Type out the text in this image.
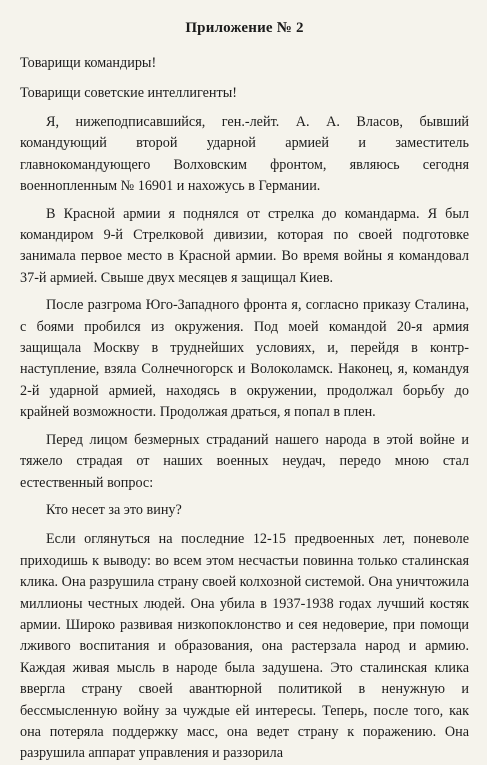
Приложение № 2
Товарищи командиры!
Товарищи советские интеллигенты!

Я, нижеподписавшийся, ген.-лейт. А. А. Власов, бывший командующий второй ударной армией и заместитель главнокомандующего Волховским фронтом, являюсь сегодня военнопленным № 16901 и нахожусь в Германии.

В Красной армии я поднялся от стрелка до командарма. Я был командиром 9-й Стрелковой дивизии, которая по своей подготовке занимала первое место в Красной армии. Во время войны я командовал 37-й армией. Свыше двух месяцев я защищал Киев.

После разгрома Юго-Западного фронта я, согласно приказу Сталина, с боями пробился из окружения. Под моей командой 20-я армия защищала Москву в труднейших условиях, и, перейдя в контр-наступление, взяла Солнечногорск и Волоколамск. Наконец, я, командуя 2-й ударной армией, находясь в окружении, продолжал борьбу до крайней возможности. Продолжая драться, я попал в плен.

Перед лицом безмерных страданий нашего народа в этой войне и тяжело страдая от наших военных неудач, передо мною стал естественный вопрос:

Кто несет за это вину?

Если оглянуться на последние 12-15 предвоенных лет, поневоле приходишь к выводу: во всем этом несчастьи повинна только сталинская клика. Она разрушила страну своей колхозной системой. Она уничтожила миллионы честных людей. Она убила в 1937-1938 годах лучший костяк армии. Широко развивая низкопоклонство и сея недоверие, при помощи лживого воспитания и образования, она растерзала народ и армию. Каждая живая мысль в народе была задушена. Это сталинская клика ввергла страну своей авантюрной политикой в ненужную и бессмысленную войну за чуждые ей интересы. Теперь, после того, как она потеряла поддержку масс, она ведет страну к поражению. Она разрушила аппарат управления и раззорила
